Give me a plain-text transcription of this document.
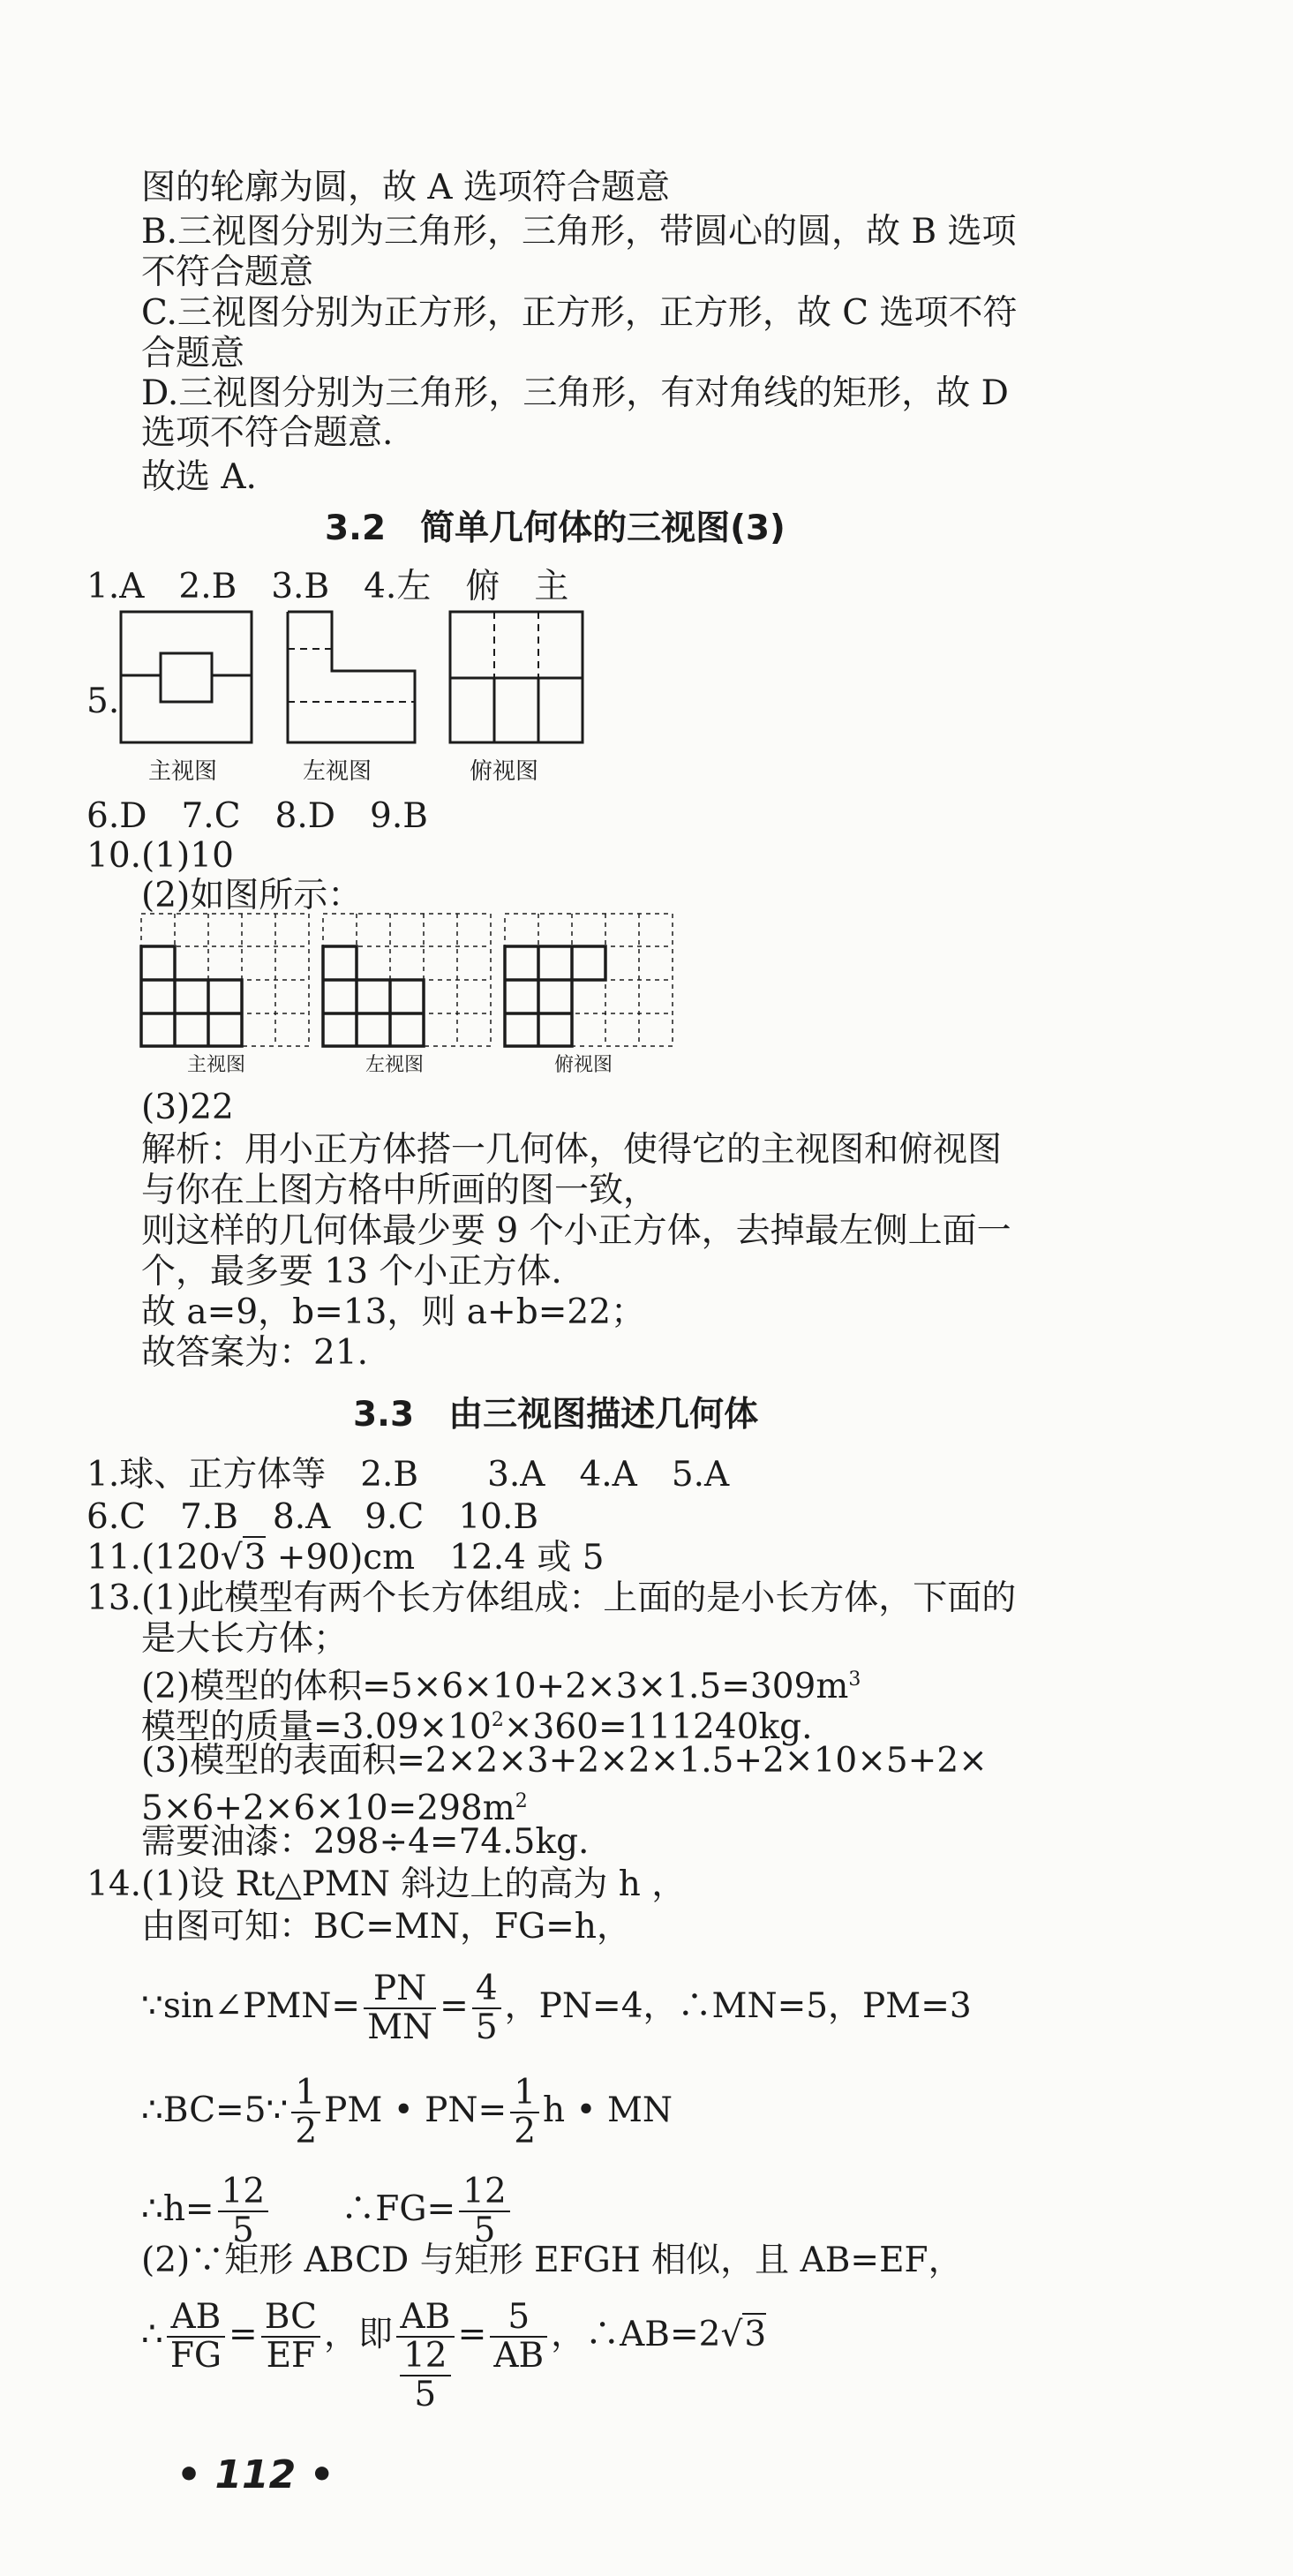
图的轮廓为圆，故 A 选项符合题意
B.三视图分别为三角形，三角形，带圆心的圆，故 B 选项
不符合题意
C.三视图分别为正方形，正方形，正方形，故 C 选项不符
合题意
D.三视图分别为三角形，三角形，有对角线的矩形，故 D
选项不符合题意.
故选 A.
3.2　简单几何体的三视图(3)
1.A　2.B　3.B　4.左　俯　主
5.
主视图	左视图	俯视图
6.D　7.C　8.D　9.B
10.(1)10
(2)如图所示：
主视图	左视图	俯视图
(3)22
解析：用小正方体搭一几何体，使得它的主视图和俯视图
与你在上图方格中所画的图一致，
则这样的几何体最少要 9 个小正方体，去掉最左侧上面一
个，最多要 13 个小正方体.
故 a=9，b=13，则 a+b=22；
故答案为：21.
3.3　由三视图描述几何体
1.球、正方体等　2.B　　3.A　4.A　5.A
6.C　7.B　8.A　9.C　10.B
11.(120√3 +90)cm　12.4 或 5
13.(1)此模型有两个长方体组成：上面的是小长方体，下面的
是大长方体；
(2)模型的体积$=5\times 6\times 10+2\times 3\times 1.5=309m^3$
模型的质量$=3.09\times 10^2\times 360=111240kg$.
(3)模型的表面积=2×2×3+2×2×1.5+2×10×5+2×
$5\times 6+2\times 6\times 10=298m^2$
需要油漆：298÷4=74.5kg.
14.(1)设 Rt△PMN 斜边上的高为 h ，
由图可知：BC=MN，FG=h，
∵sin∠PMN= $\frac{PN}{MN} = \frac{4}{5}$ ，PN=4，∴MN=5，PM=3
∴BC=5∵ $\frac{1}{2}$ PM • $PN= \frac{1}{2}$ h • MN
∴h= $\frac{12}{5}$
　　 ∴FG= $\frac{12}{5}$
(2)∵矩形 ABCD 与矩形 EFGH 相似，且 AB=EF，
∴ $\frac{AB}{FG} = \frac{BC}{EF}$ ，即 $\frac{AB}{\frac{12}{5}} = \frac{5}{AB}$ ，∴AB=2√3
• 112 •
